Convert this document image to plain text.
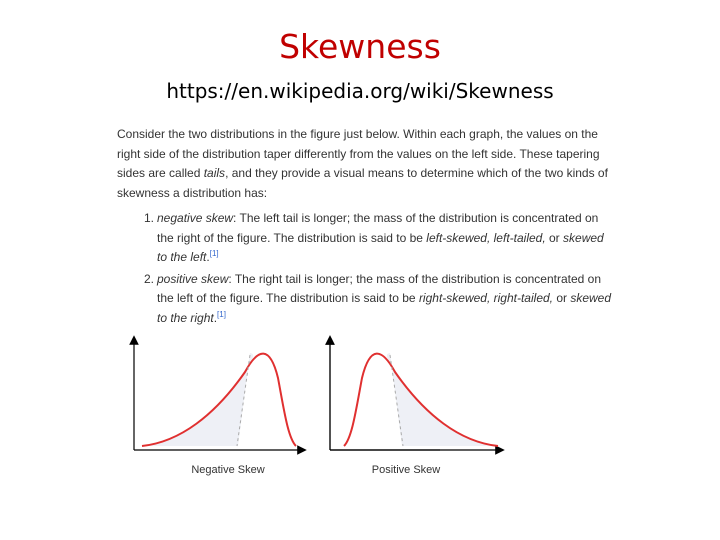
Skewness
https://en.wikipedia.org/wiki/Skewness

Consider the two distributions in the figure just below. Within each graph, the values on the right side of the distribution taper differently from the values on the left side. These tapering sides are called tails, and they provide a visual means to determine which of the two kinds of skewness a distribution has:

1. negative skew: The left tail is longer; the mass of the distribution is concentrated on the right of the figure. The distribution is said to be left-skewed, left-tailed, or skewed to the left.[1]
2. positive skew: The right tail is longer; the mass of the distribution is concentrated on the left of the figure. The distribution is said to be right-skewed, right-tailed, or skewed to the right.[1]
Negative Skew	Positive Skew
